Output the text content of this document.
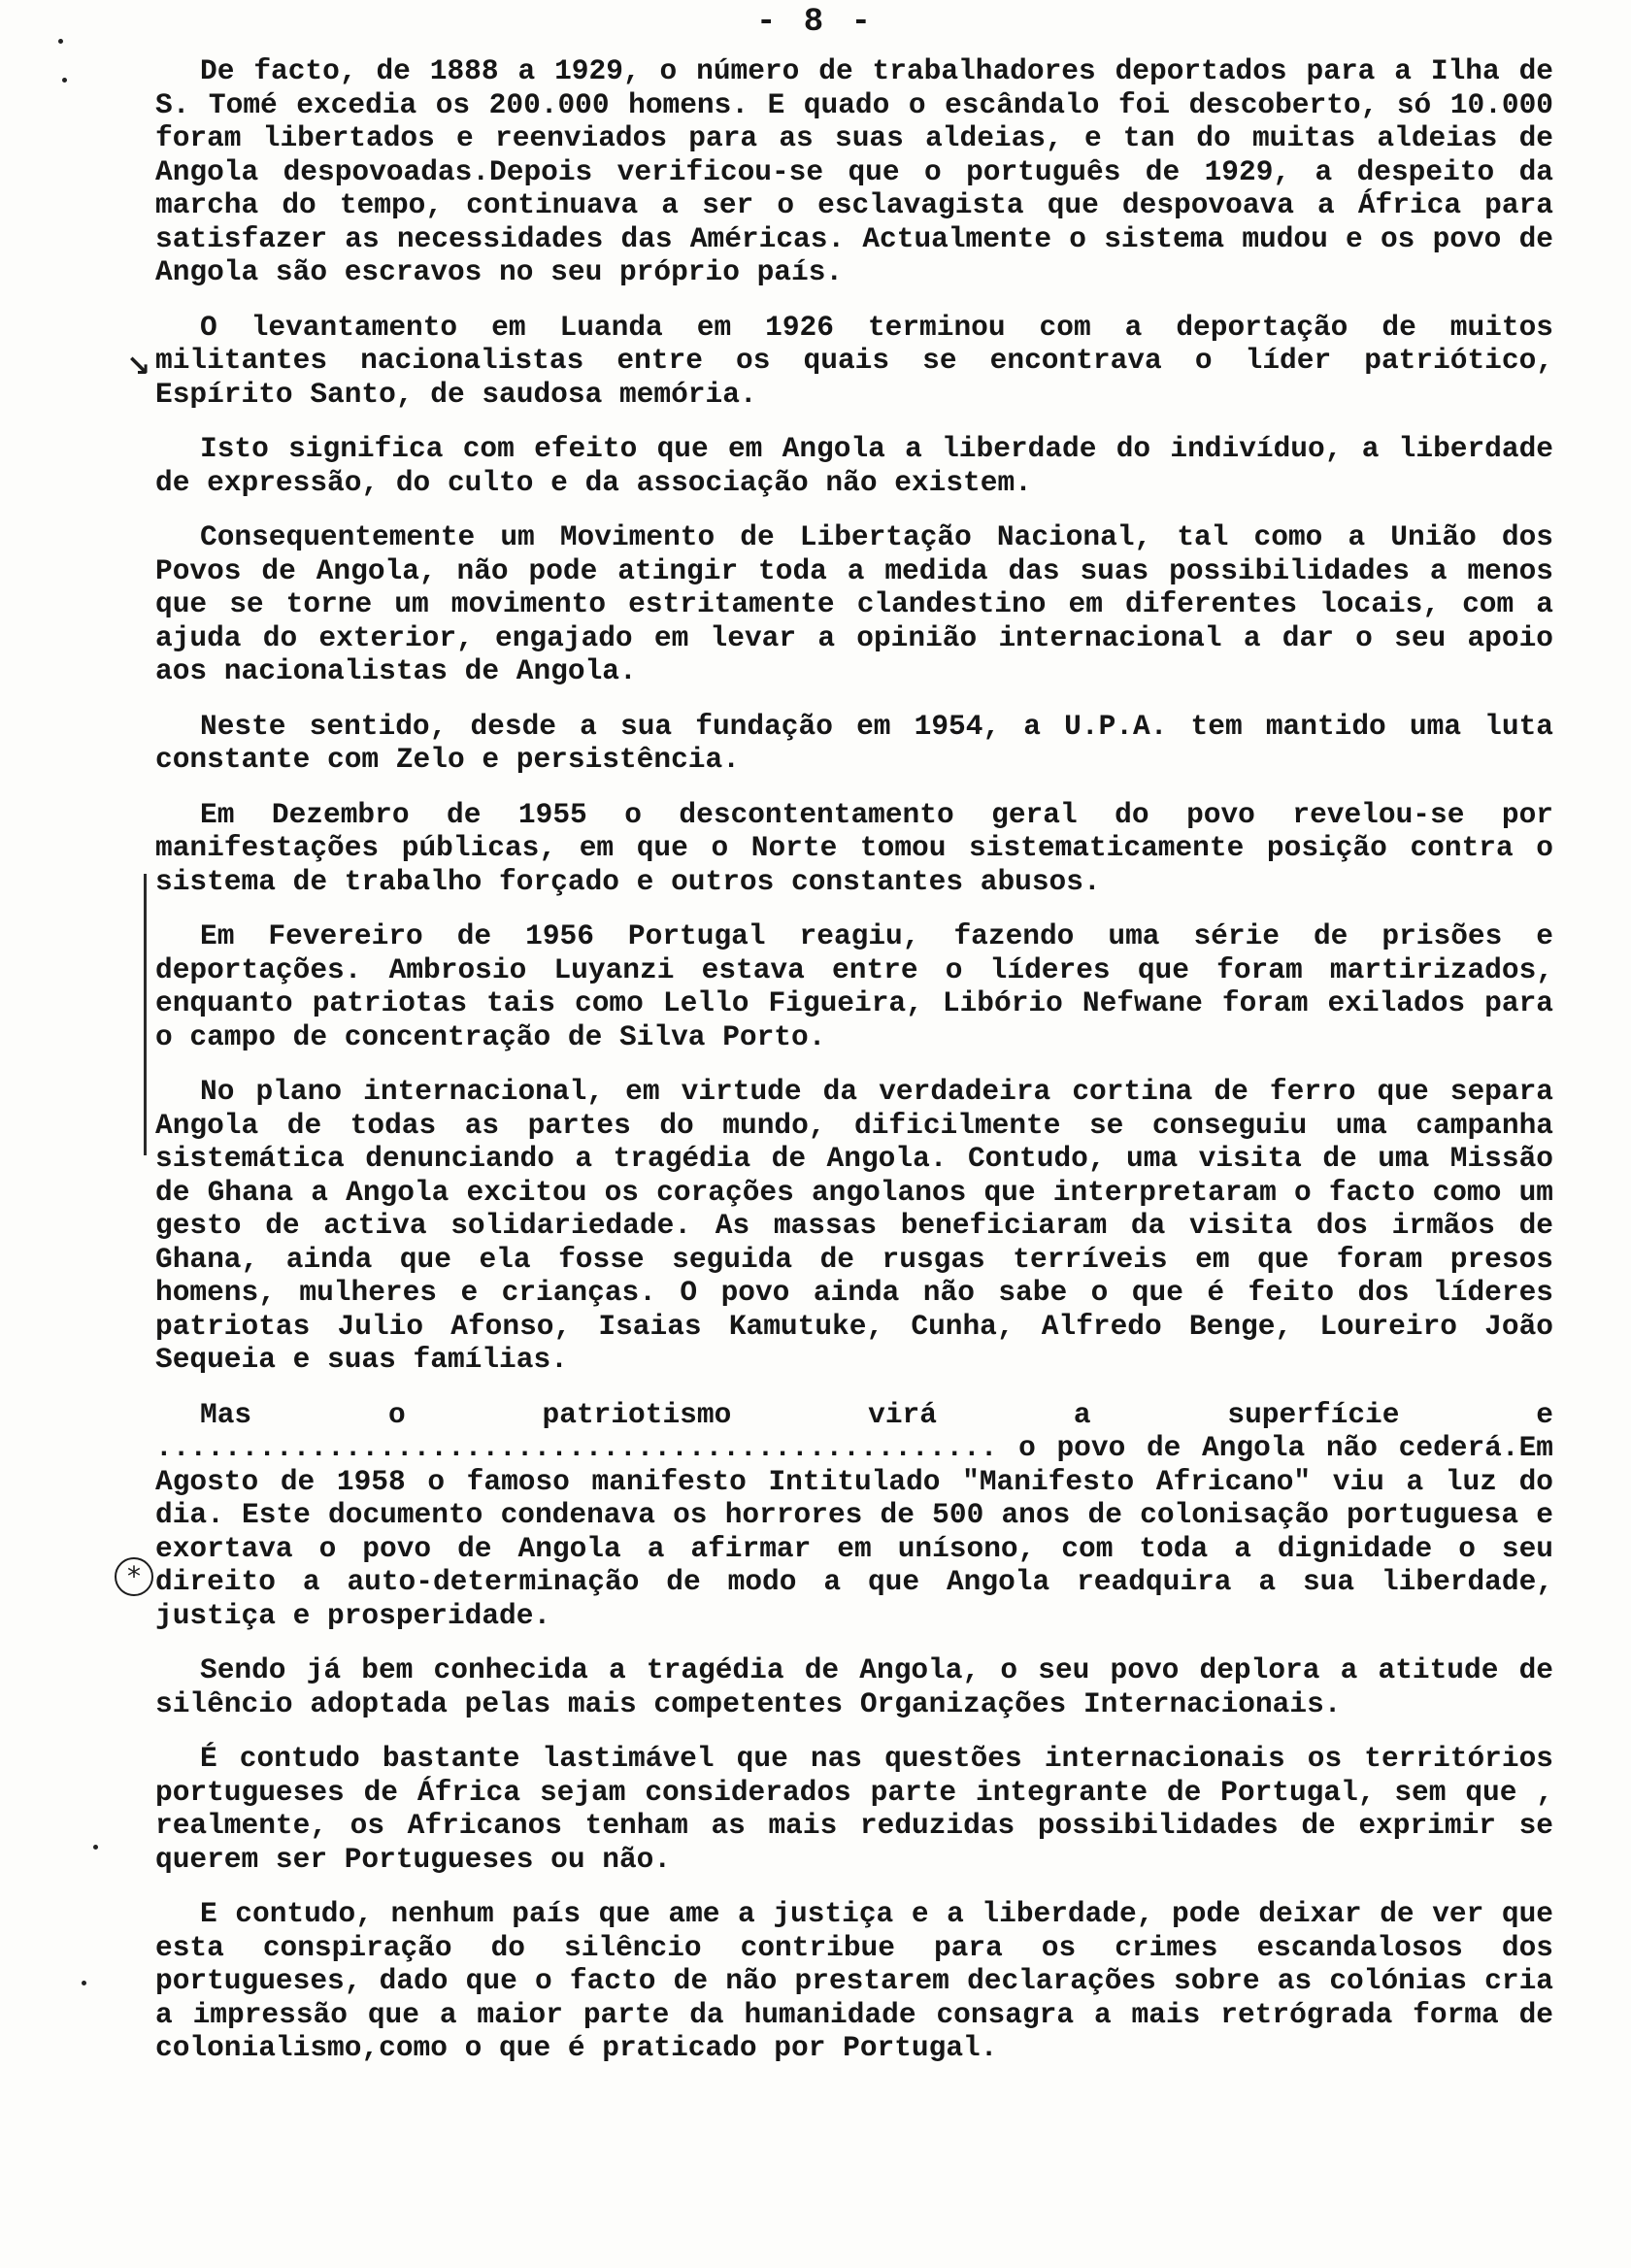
- 8 -
↘
*

De facto, de 1888 a 1929, o número de trabalhadores deportados para a Ilha de S. Tomé excedia os 200.000 homens. E quado o escândalo foi descoberto, só 10.000 foram libertados e reenviados para as suas aldeias, e tan do muitas aldeias de Angola despovoadas.Depois verificou-se que o português de 1929, a despeito da marcha do tempo, continuava a ser o esclavagista que despovoava a África para satisfazer as necessidades das Américas. Actualmente o sistema mudou e os povo de Angola são escravos no seu próprio país.

O levantamento em Luanda em 1926 terminou com a deportação de muitos militantes nacionalistas entre os quais se encontrava o líder patriótico, Espírito Santo, de saudosa memória.

Isto significa com efeito que em Angola a liberdade do indivíduo, a liberdade de expressão, do culto e da associação não existem.

Consequentemente um Movimento de Libertação Nacional, tal como a União dos Povos de Angola, não pode atingir toda a medida das suas possibilidades a menos que se torne um movimento estritamente clandestino em diferentes locais, com a ajuda do exterior, engajado em levar a opinião internacional a dar o seu apoio aos nacionalistas de Angola.

Neste sentido, desde a sua fundação em 1954, a U.P.A. tem mantido uma luta constante com Zelo e persistência.

Em Dezembro de 1955 o descontentamento geral do povo revelou-se por manifestações públicas, em que o Norte tomou sistematicamente posição contra o sistema de trabalho forçado e outros constantes abusos.

Em Fevereiro de 1956 Portugal reagiu, fazendo uma série de prisões e deportações. Ambrosio Luyanzi estava entre o líderes que foram martirizados, enquanto patriotas tais como Lello Figueira, Libório Nefwane foram exilados para o campo de concentração de Silva Porto.

No plano internacional, em virtude da verdadeira cortina de ferro que separa Angola de todas as partes do mundo, dificilmente se conseguiu uma campanha sistemática denunciando a tragédia de Angola. Contudo, uma visita de uma Missão de Ghana a Angola excitou os corações angolanos que interpretaram o facto como um gesto de activa solidariedade. As massas beneficiaram da visita dos irmãos de Ghana, ainda que ela fosse seguida de rusgas terríveis em que foram presos homens, mulheres e crianças. O povo ainda não sabe o que é feito dos líderes patriotas Julio Afonso, Isaias Kamutuke, Cunha, Alfredo Benge, Loureiro João Sequeia e suas famílias.

Mas o patriotismo virá a superfície e ................................................. o povo de Angola não cederá.Em Agosto de 1958 o famoso manifesto Intitulado "Manifesto Africano" viu a luz do dia. Este documento condenava os horrores de 500 anos de colonisação portuguesa e exortava o povo de Angola a afirmar em unísono, com toda a dignidade o seu direito a auto-determinação de modo a que Angola readquira a sua liberdade, justiça e prosperidade.

Sendo já bem conhecida a tragédia de Angola, o seu povo deplora a atitude de silêncio adoptada pelas mais competentes Organizações Internacionais.

É contudo bastante lastimável que nas questões internacionais os territórios portugueses de África sejam considerados parte integrante de Portugal, sem que , realmente, os Africanos tenham as mais reduzidas possibilidades de exprimir se querem ser Portugueses ou não.

E contudo, nenhum país que ame a justiça e a liberdade, pode deixar de ver que esta conspiração do silêncio contribue para os crimes escandalosos dos portugueses, dado que o facto de não prestarem declarações sobre as colónias cria a impressão que a maior parte da humanidade consagra a mais retrógrada forma de colonialismo,como o que é praticado por Portugal.
